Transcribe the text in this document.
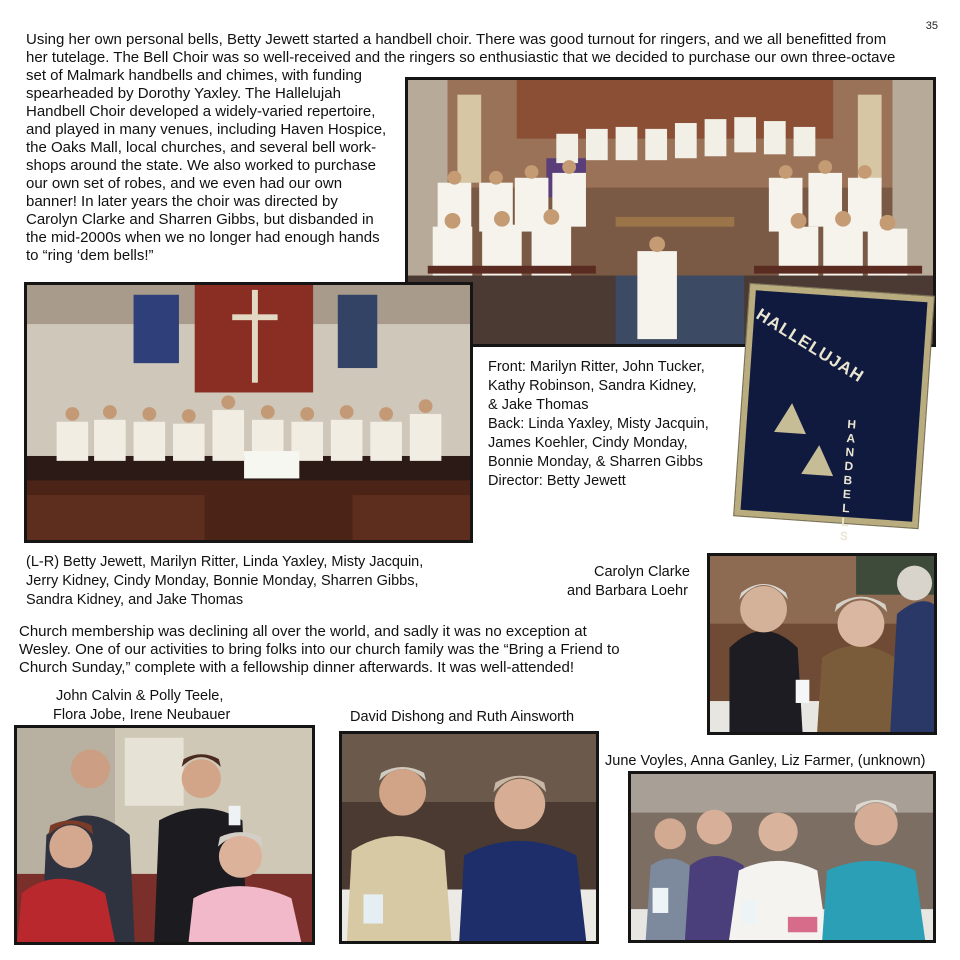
35
Using her own personal bells, Betty Jewett started a handbell choir. There was good turnout for ringers, and we all benefitted from
her tutelage. The Bell Choir was so well-received and the ringers so enthusiastic that we decided to purchase our own three-octave
set of Malmark handbells and chimes, with funding
spearheaded by Dorothy Yaxley. The Hallelujah
Handbell Choir developed a widely-varied repertoire,
and played in many venues, including Haven Hospice,
the Oaks Mall, local churches, and several bell work-
shops around the state. We also worked to purchase
our own set of robes, and we even had our own
banner! In later years the choir was directed by
Carolyn Clarke and Sharren Gibbs, but disbanded in
the mid-2000s when we no longer had enough hands
to “ring ‘dem bells!”
Front: Marilyn Ritter, John Tucker,
Kathy Robinson, Sandra Kidney,
& Jake Thomas
Back: Linda Yaxley, Misty Jacquin,
James Koehler, Cindy Monday,
Bonnie Monday, & Sharren Gibbs
Director: Betty Jewett
HALLELUJAH
HANDBELLS
(L-R) Betty Jewett, Marilyn Ritter, Linda Yaxley, Misty Jacquin,
Jerry Kidney, Cindy Monday, Bonnie Monday, Sharren Gibbs,
Sandra Kidney, and Jake Thomas
Carolyn Clarke
and Barbara Loehr
Church membership was declining all over the world, and sadly it was no exception at
Wesley. One of our activities to bring folks into our church family was the “Bring a Friend to
Church Sunday,” complete with a fellowship dinner afterwards. It was well-attended!
John Calvin & Polly Teele,
Flora Jobe, Irene Neubauer	David Dishong and Ruth Ainsworth
June Voyles, Anna Ganley, Liz Farmer, (unknown)
